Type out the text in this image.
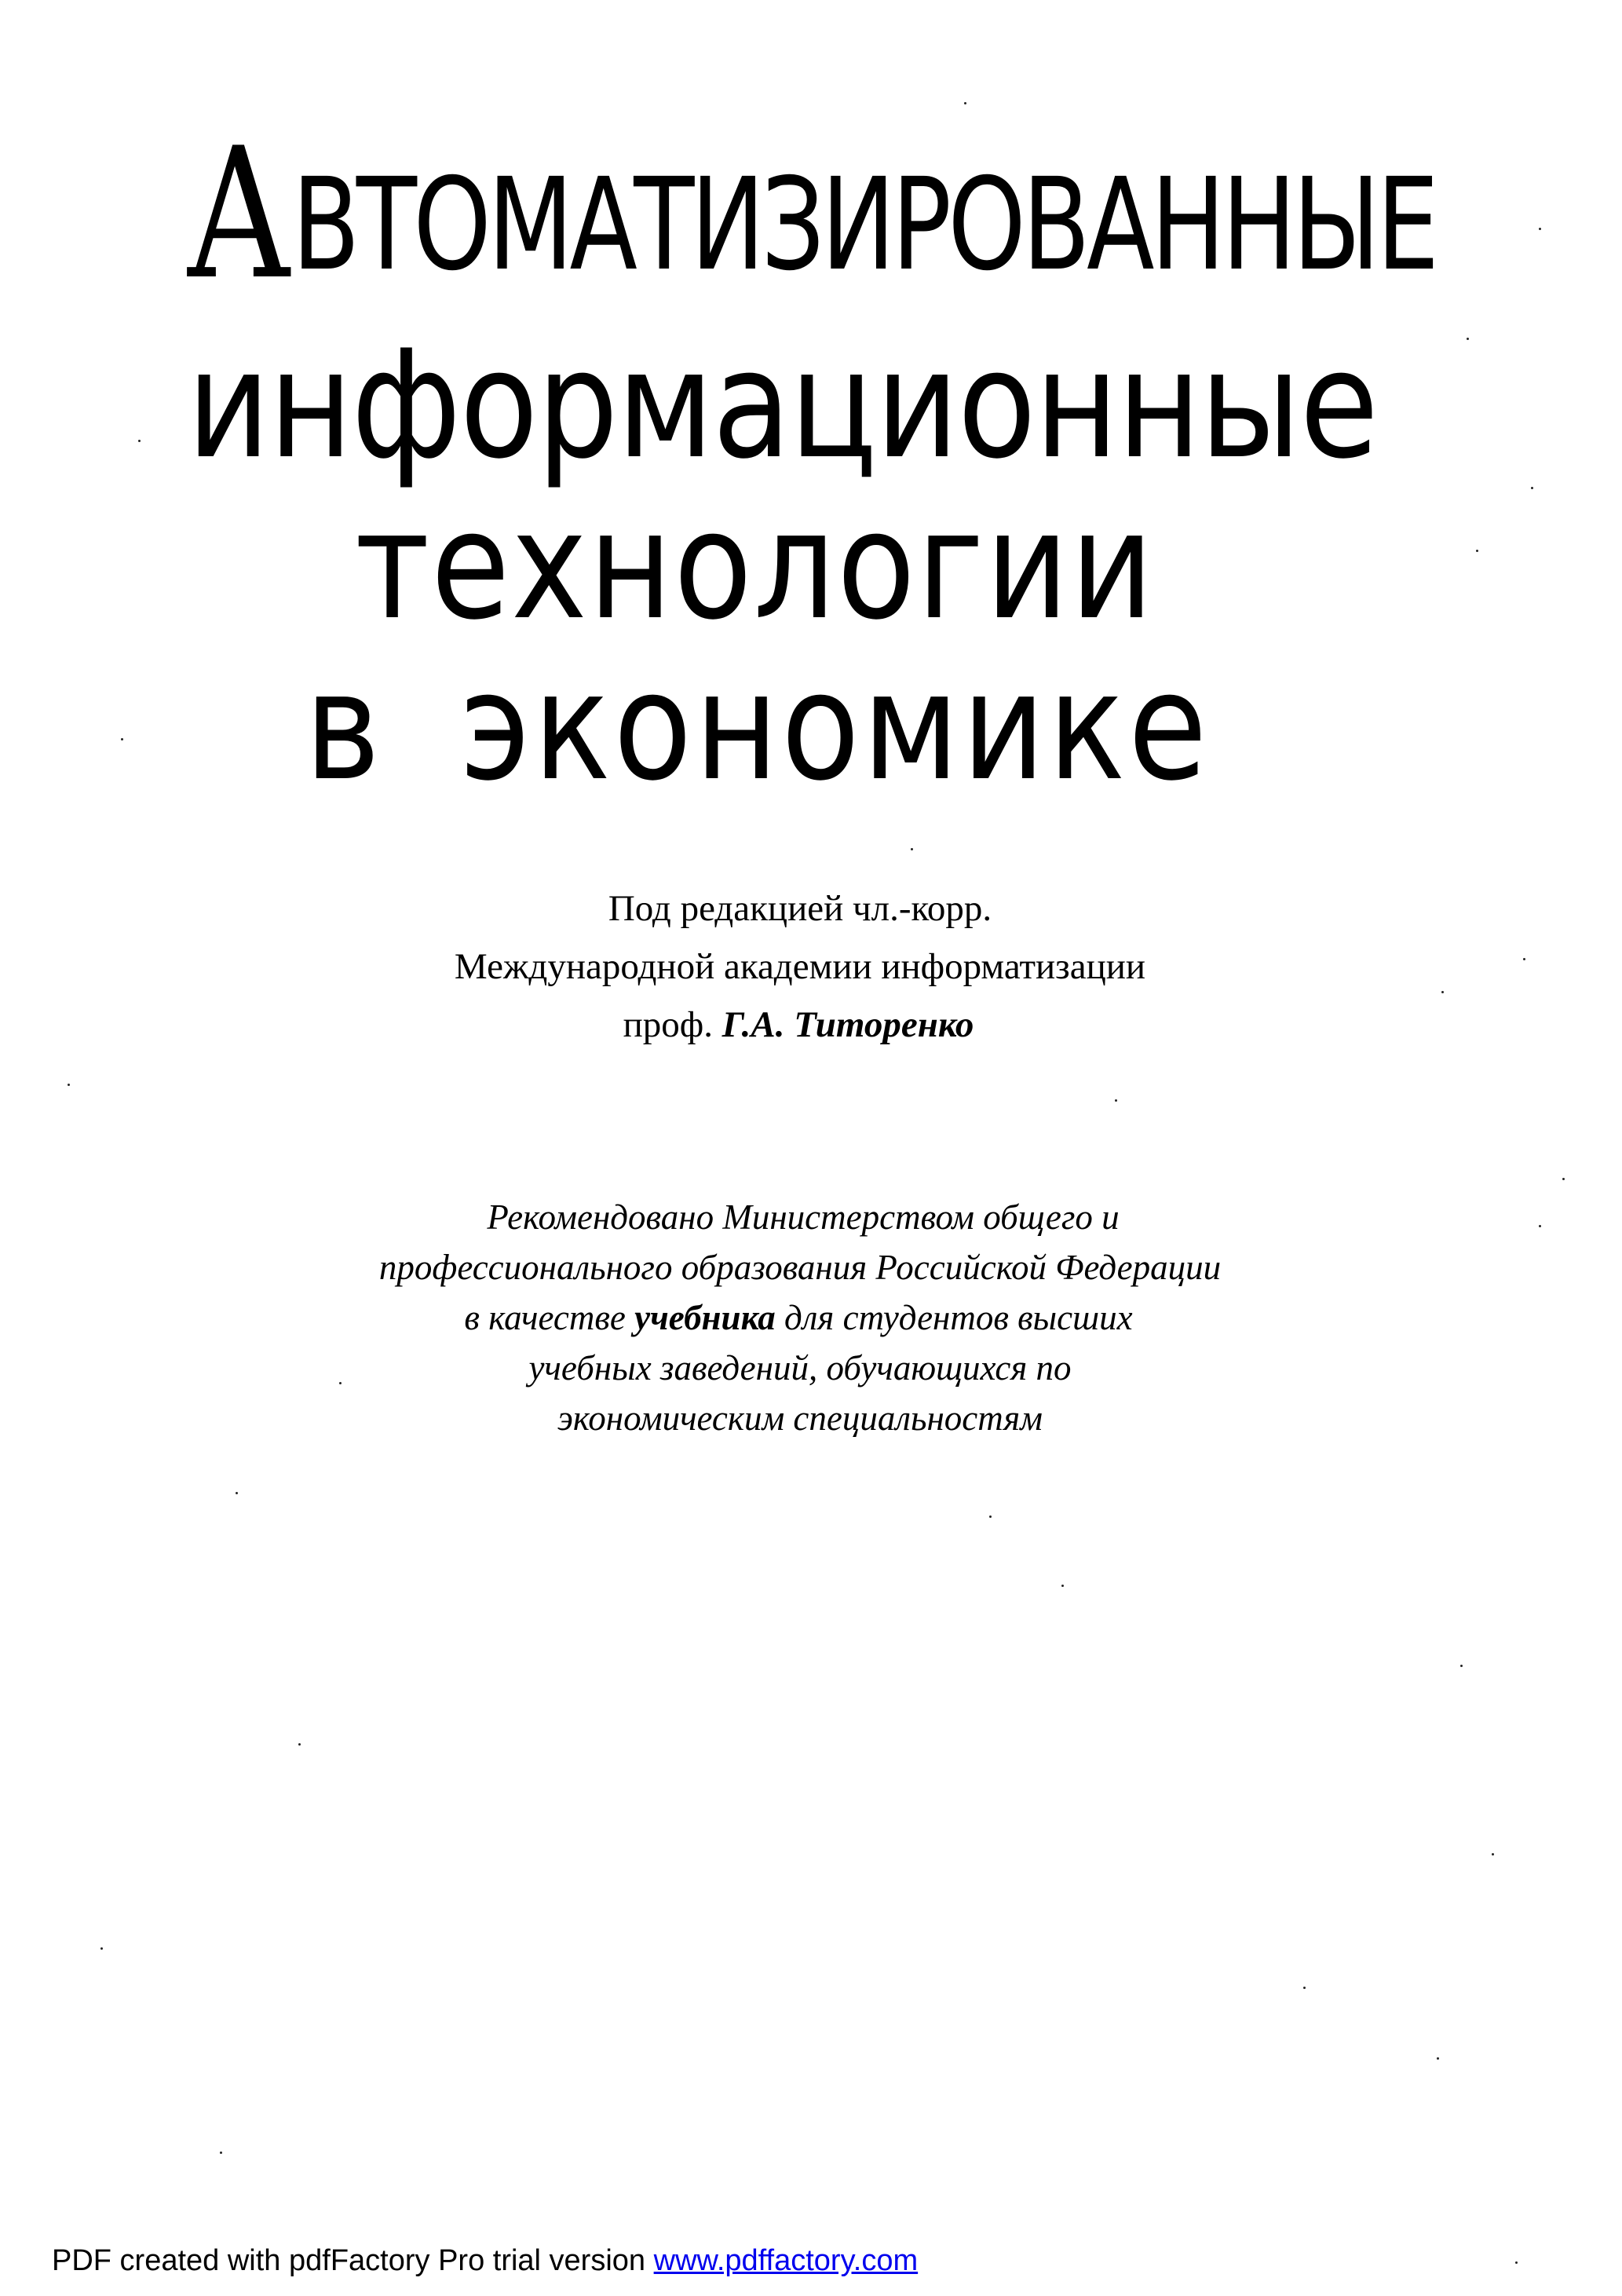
АВТОМАТИЗИРОВАННЫЕ
информационные
технологии
в экономике
Под редакцией чл.-корр.
Международной академии информатизации
проф. Г.А. Титоренко
Рекомендовано Министерством общего и
профессионального образования Российской Федерации
в качестве учебника для студентов высших
учебных заведений, обучающихся по
экономическим специальностям
PDF created with pdfFactory Pro trial version www.pdffactory.com
